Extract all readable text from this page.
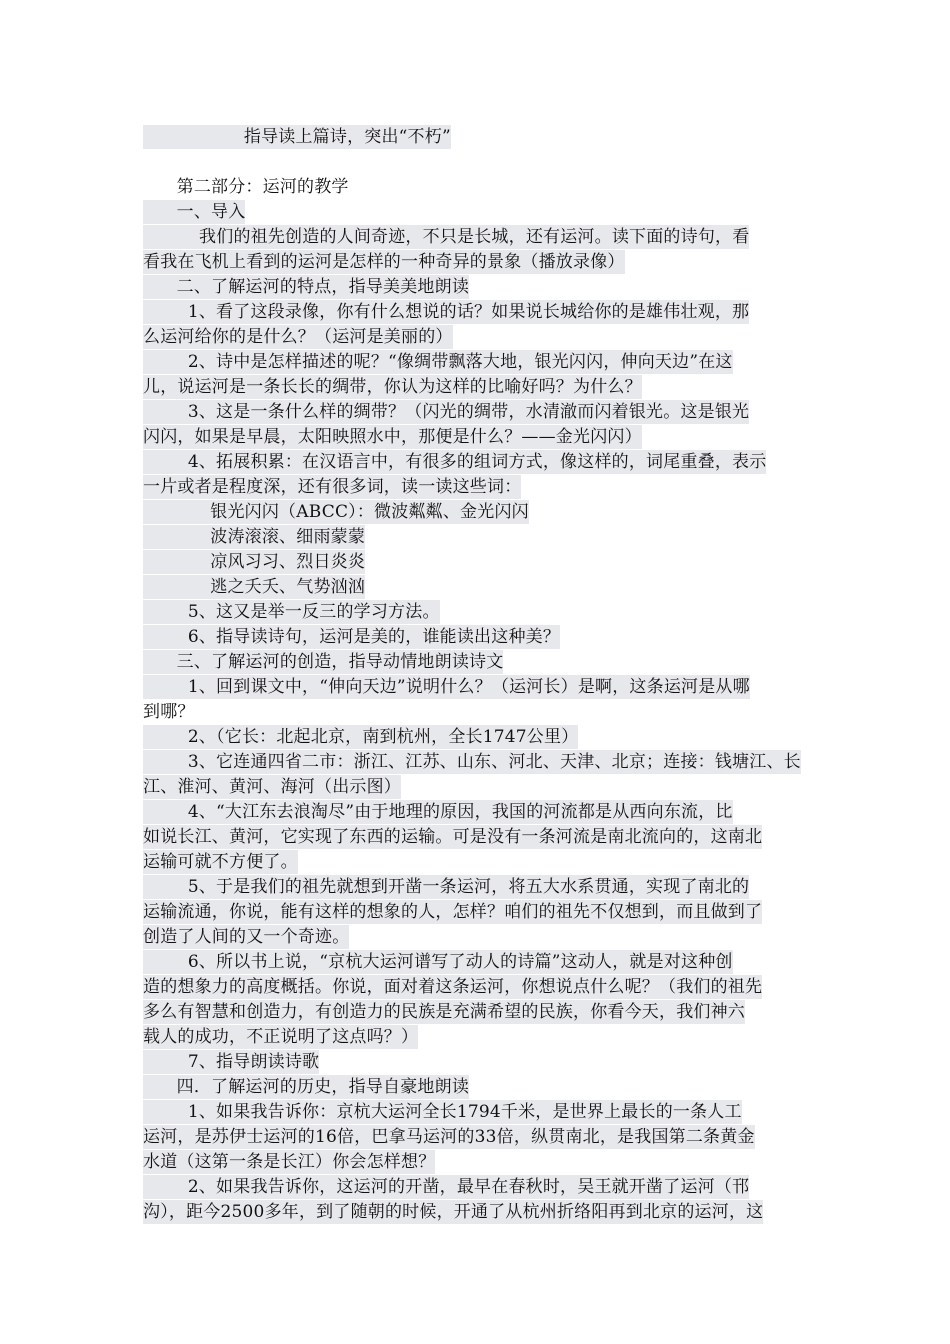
指导读上篇诗，突出“不朽”
第二部分：运河的教学
一、导入
我们的祖先创造的人间奇迹，不只是长城，还有运河。读下面的诗句，看
看我在飞机上看到的运河是怎样的一种奇异的景象（播放录像）
二、了解运河的特点，指导美美地朗读
1、看了这段录像，你有什么想说的话？如果说长城给你的是雄伟壮观，那
么运河给你的是什么？（运河是美丽的）
2、诗中是怎样描述的呢？“像绸带飘落大地，银光闪闪，伸向天边”在这
儿，说运河是一条长长的绸带，你认为这样的比喻好吗？为什么？
3、这是一条什么样的绸带？（闪光的绸带，水清澈而闪着银光。这是银光
闪闪，如果是早晨，太阳映照水中，那便是什么？——金光闪闪）
4、拓展积累：在汉语言中，有很多的组词方式，像这样的，词尾重叠，表示
一片或者是程度深，还有很多词，读一读这些词：
银光闪闪（ABCC）：微波粼粼、金光闪闪
波涛滚滚、细雨蒙蒙
凉风习习、烈日炎炎
逃之夭夭、气势汹汹
5、这又是举一反三的学习方法。
6、指导读诗句，运河是美的，谁能读出这种美？
三、了解运河的创造，指导动情地朗读诗文
1、回到课文中，“伸向天边”说明什么？（运河长）是啊，这条运河是从哪
到哪？
2、（它长：北起北京，南到杭州，全长1747公里）
3、它连通四省二市：浙江、江苏、山东、河北、天津、北京；连接：钱塘江、长
江、淮河、黄河、海河（出示图）
4、“大江东去浪淘尽”由于地理的原因，我国的河流都是从西向东流，比
如说长江、黄河，它实现了东西的运输。可是没有一条河流是南北流向的，这南北
运输可就不方便了。
5、于是我们的祖先就想到开凿一条运河，将五大水系贯通，实现了南北的
运输流通，你说，能有这样的想象的人，怎样？咱们的祖先不仅想到，而且做到了
创造了人间的又一个奇迹。
6、所以书上说，“京杭大运河谱写了动人的诗篇”这动人，就是对这种创
造的想象力的高度概括。你说，面对着这条运河，你想说点什么呢？（我们的祖先
多么有智慧和创造力，有创造力的民族是充满希望的民族，你看今天，我们神六
载人的成功，不正说明了这点吗？）
7、指导朗读诗歌
四．了解运河的历史，指导自豪地朗读
1、如果我告诉你：京杭大运河全长1794千米，是世界上最长的一条人工
运河，是苏伊士运河的16倍，巴拿马运河的33倍，纵贯南北，是我国第二条黄金
水道（这第一条是长江）你会怎样想？
2、如果我告诉你，这运河的开凿，最早在春秋时，吴王就开凿了运河（邗
沟），距今2500多年，到了随朝的时候，开通了从杭州折络阳再到北京的运河，这
